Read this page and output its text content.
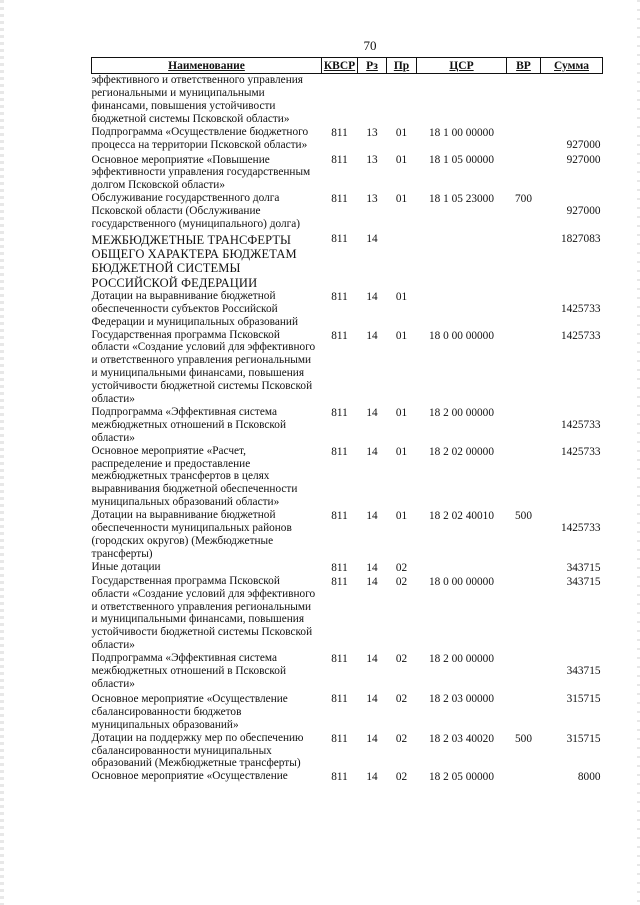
70
Наименование	КВСР	Рз	Пр	ЦСР	ВР	Сумма
эффективного и ответственного управления региональными и муниципальными финансами, повышения устойчивости бюджетной системы Псковской области»						
Подпрограмма «Осуществление бюджетного процесса на территории Псковской области»	811	13	01	18 1 00 00000		927000
Основное мероприятие «Повышение эффективности управления государственным долгом Псковской области»	811	13	01	18 1 05 00000		927000
Обслуживание государственного долга Псковской области (Обслуживание государственного (муниципального) долга)	811	13	01	18 1 05 23000	700	927000
МЕЖБЮДЖЕТНЫЕ ТРАНСФЕРТЫ ОБЩЕГО ХАРАКТЕРА БЮДЖЕТАМ БЮДЖЕТНОЙ СИСТЕМЫ РОССИЙСКОЙ ФЕДЕРАЦИИ	811	14				1827083
Дотации на выравнивание бюджетной обеспеченности субъектов Российской Федерации и муниципальных образований	811	14	01			1425733
Государственная программа Псковской области «Создание условий для эффективного и ответственного управления региональными и муниципальными финансами, повышения устойчивости бюджетной системы Псковской области»	811	14	01	18 0 00 00000		1425733
Подпрограмма «Эффективная система межбюджетных отношений в Псковской области»	811	14	01	18 2 00 00000		1425733
Основное мероприятие «Расчет, распределение и предоставление межбюджетных трансфертов в целях выравнивания бюджетной обеспеченности муниципальных образований области»	811	14	01	18 2 02 00000		1425733
Дотации на выравнивание бюджетной обеспеченности муниципальных районов (городских округов) (Межбюджетные трансферты)	811	14	01	18 2 02 40010	500	1425733
Иные дотации	811	14	02			343715
Государственная программа Псковской области «Создание условий для эффективного и ответственного управления региональными и муниципальными финансами, повышения устойчивости бюджетной системы Псковской области»	811	14	02	18 0 00 00000		343715
Подпрограмма «Эффективная система межбюджетных отношений в Псковской области»	811	14	02	18 2 00 00000		343715
Основное мероприятие «Осуществление сбалансированности бюджетов муниципальных образований»	811	14	02	18 2 03 00000		315715
Дотации на поддержку мер по обеспечению сбалансированности муниципальных образований (Межбюджетные трансферты)	811	14	02	18 2 03 40020	500	315715
Основное мероприятие «Осуществление	811	14	02	18 2 05 00000		8000
